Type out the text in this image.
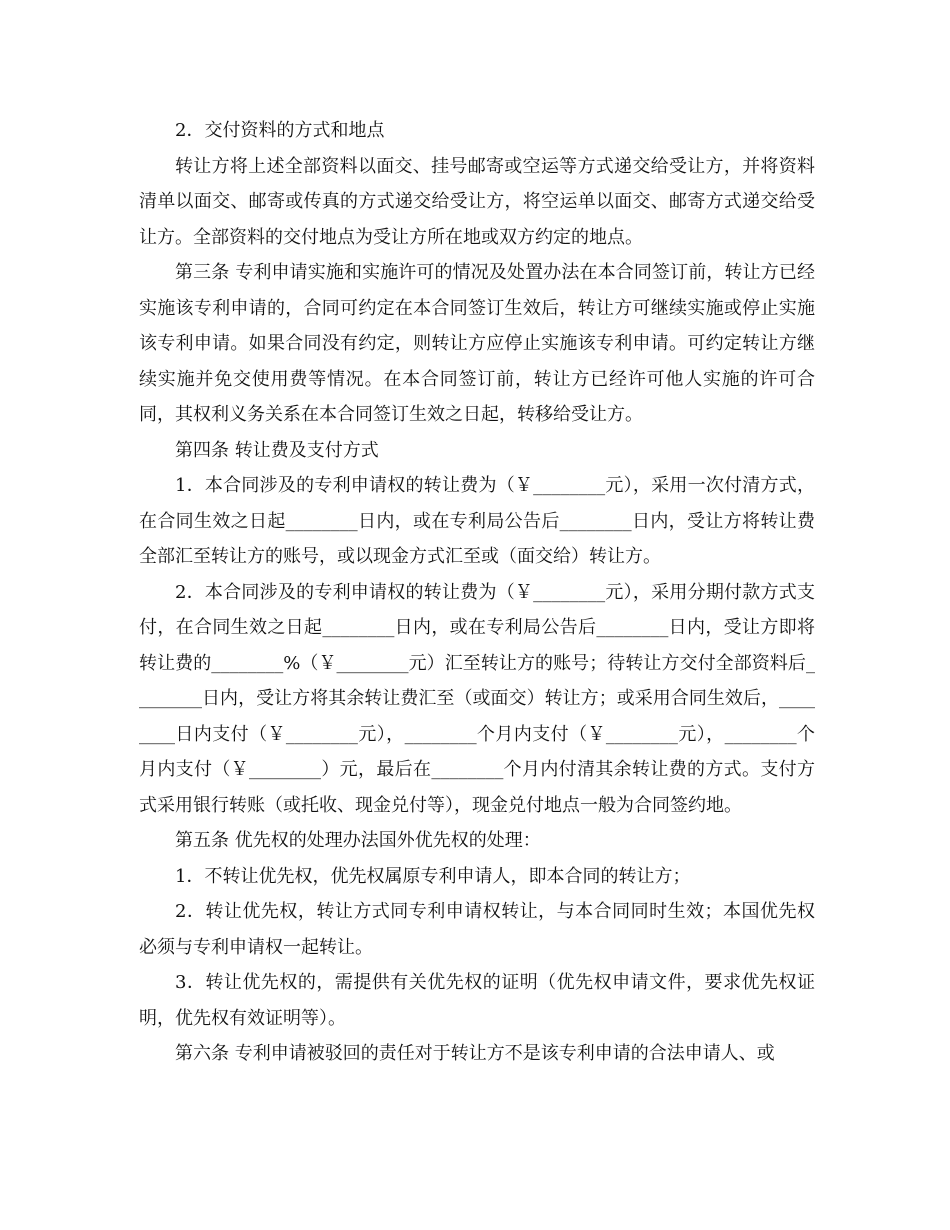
2．交付资料的方式和地点

转让方将上述全部资料以面交、挂号邮寄或空运等方式递交给受让方，并将资料清单以面交、邮寄或传真的方式递交给受让方，将空运单以面交、邮寄方式递交给受让方。全部资料的交付地点为受让方所在地或双方约定的地点。

第三条 专利申请实施和实施许可的情况及处置办法在本合同签订前，转让方已经实施该专利申请的，合同可约定在本合同签订生效后，转让方可继续实施或停止实施该专利申请。如果合同没有约定，则转让方应停止实施该专利申请。可约定转让方继续实施并免交使用费等情况。在本合同签订前，转让方已经许可他人实施的许可合同，其权利义务关系在本合同签订生效之日起，转移给受让方。

第四条 转让费及支付方式

1．本合同涉及的专利申请权的转让费为（￥________元），采用一次付清方式，在合同生效之日起________日内，或在专利局公告后________日内，受让方将转让费全部汇至转让方的账号，或以现金方式汇至或（面交给）转让方。

2．本合同涉及的专利申请权的转让费为（￥________元），采用分期付款方式支付，在合同生效之日起________日内，或在专利局公告后________日内，受让方即将转让费的________%（￥________元）汇至转让方的账号；待转让方交付全部资料后________日内，受让方将其余转让费汇至（或面交）转让方；或采用合同生效后，________日内支付（￥________元），________个月内支付（￥________元），________个月内支付（￥________）元，最后在________个月内付清其余转让费的方式。支付方式采用银行转账（或托收、现金兑付等），现金兑付地点一般为合同签约地。

第五条 优先权的处理办法国外优先权的处理：

1．不转让优先权，优先权属原专利申请人，即本合同的转让方；

2．转让优先权，转让方式同专利申请权转让，与本合同同时生效；本国优先权必须与专利申请权一起转让。

3．转让优先权的，需提供有关优先权的证明（优先权申请文件，要求优先权证明，优先权有效证明等）。

第六条 专利申请被驳回的责任对于转让方不是该专利申请的合法申请人、或
